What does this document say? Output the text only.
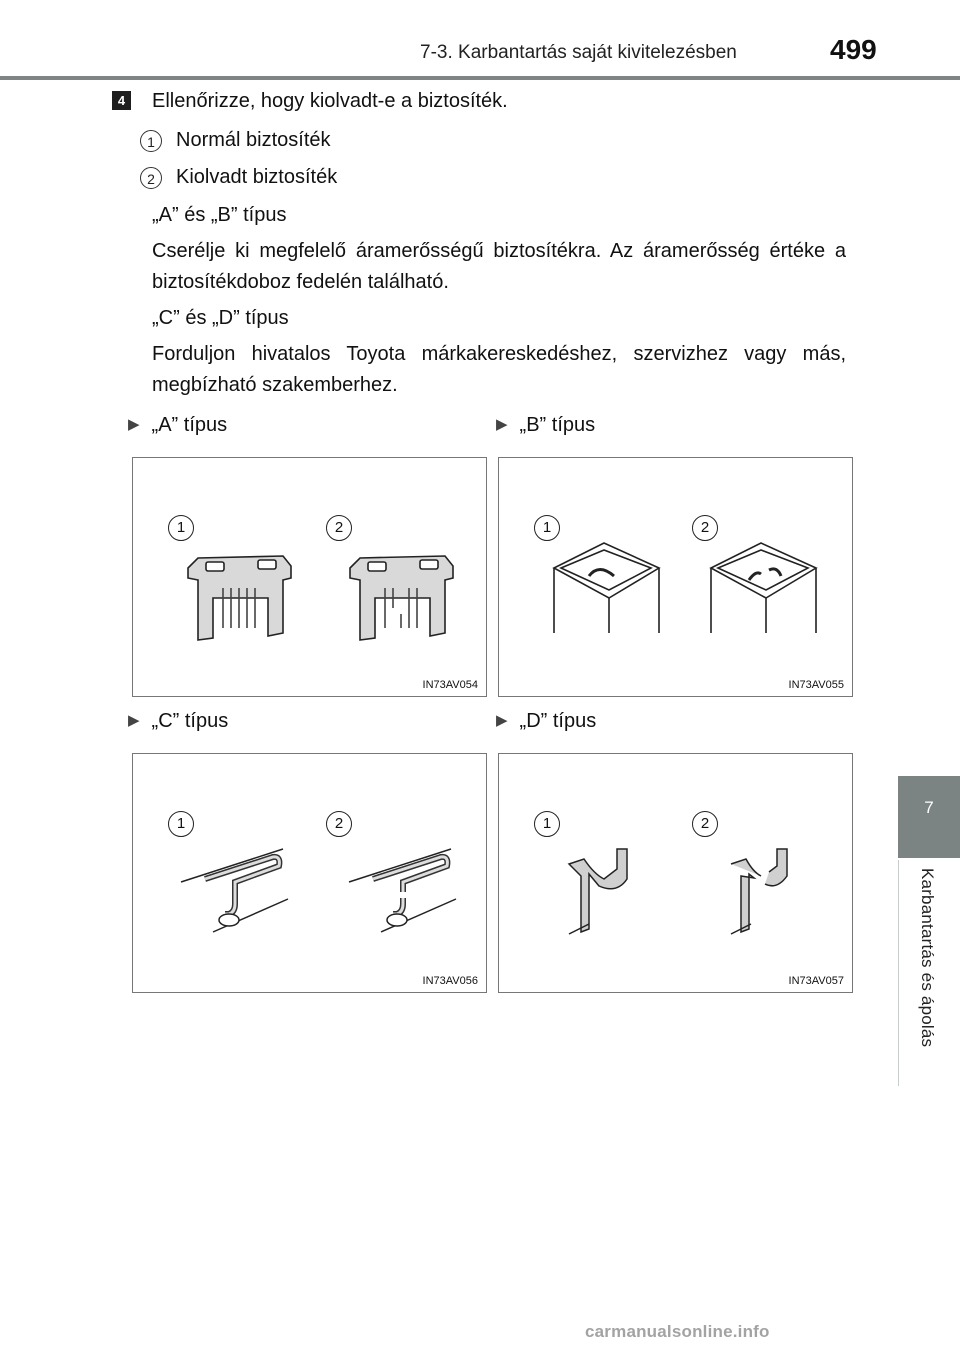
7-3. Karbantartás saját kivitelezésben	499
7
Karbantartás és ápolás
4 Ellenőrizze, hogy kiolvadt-e a biztosíték.
1	Normál biztosíték
2	Kiolvadt biztosíték
„A” és „B” típus
Cserélje ki megfelelő áramerősségű biztosítékra. Az áramerősség értéke a biztosítékdoboz fedelén található.
„C” és „D” típus
Forduljon hivatalos Toyota márkakereskedéshez, szervizhez vagy más, megbízható szakemberhez.
▶ „A” típus	▶ „B” típus
▶ „C” típus	▶ „D” típus
1	2
IN73AV054
1	2
IN73AV055
1	2
IN73AV056
1	2
IN73AV057
carmanualsonline.info
